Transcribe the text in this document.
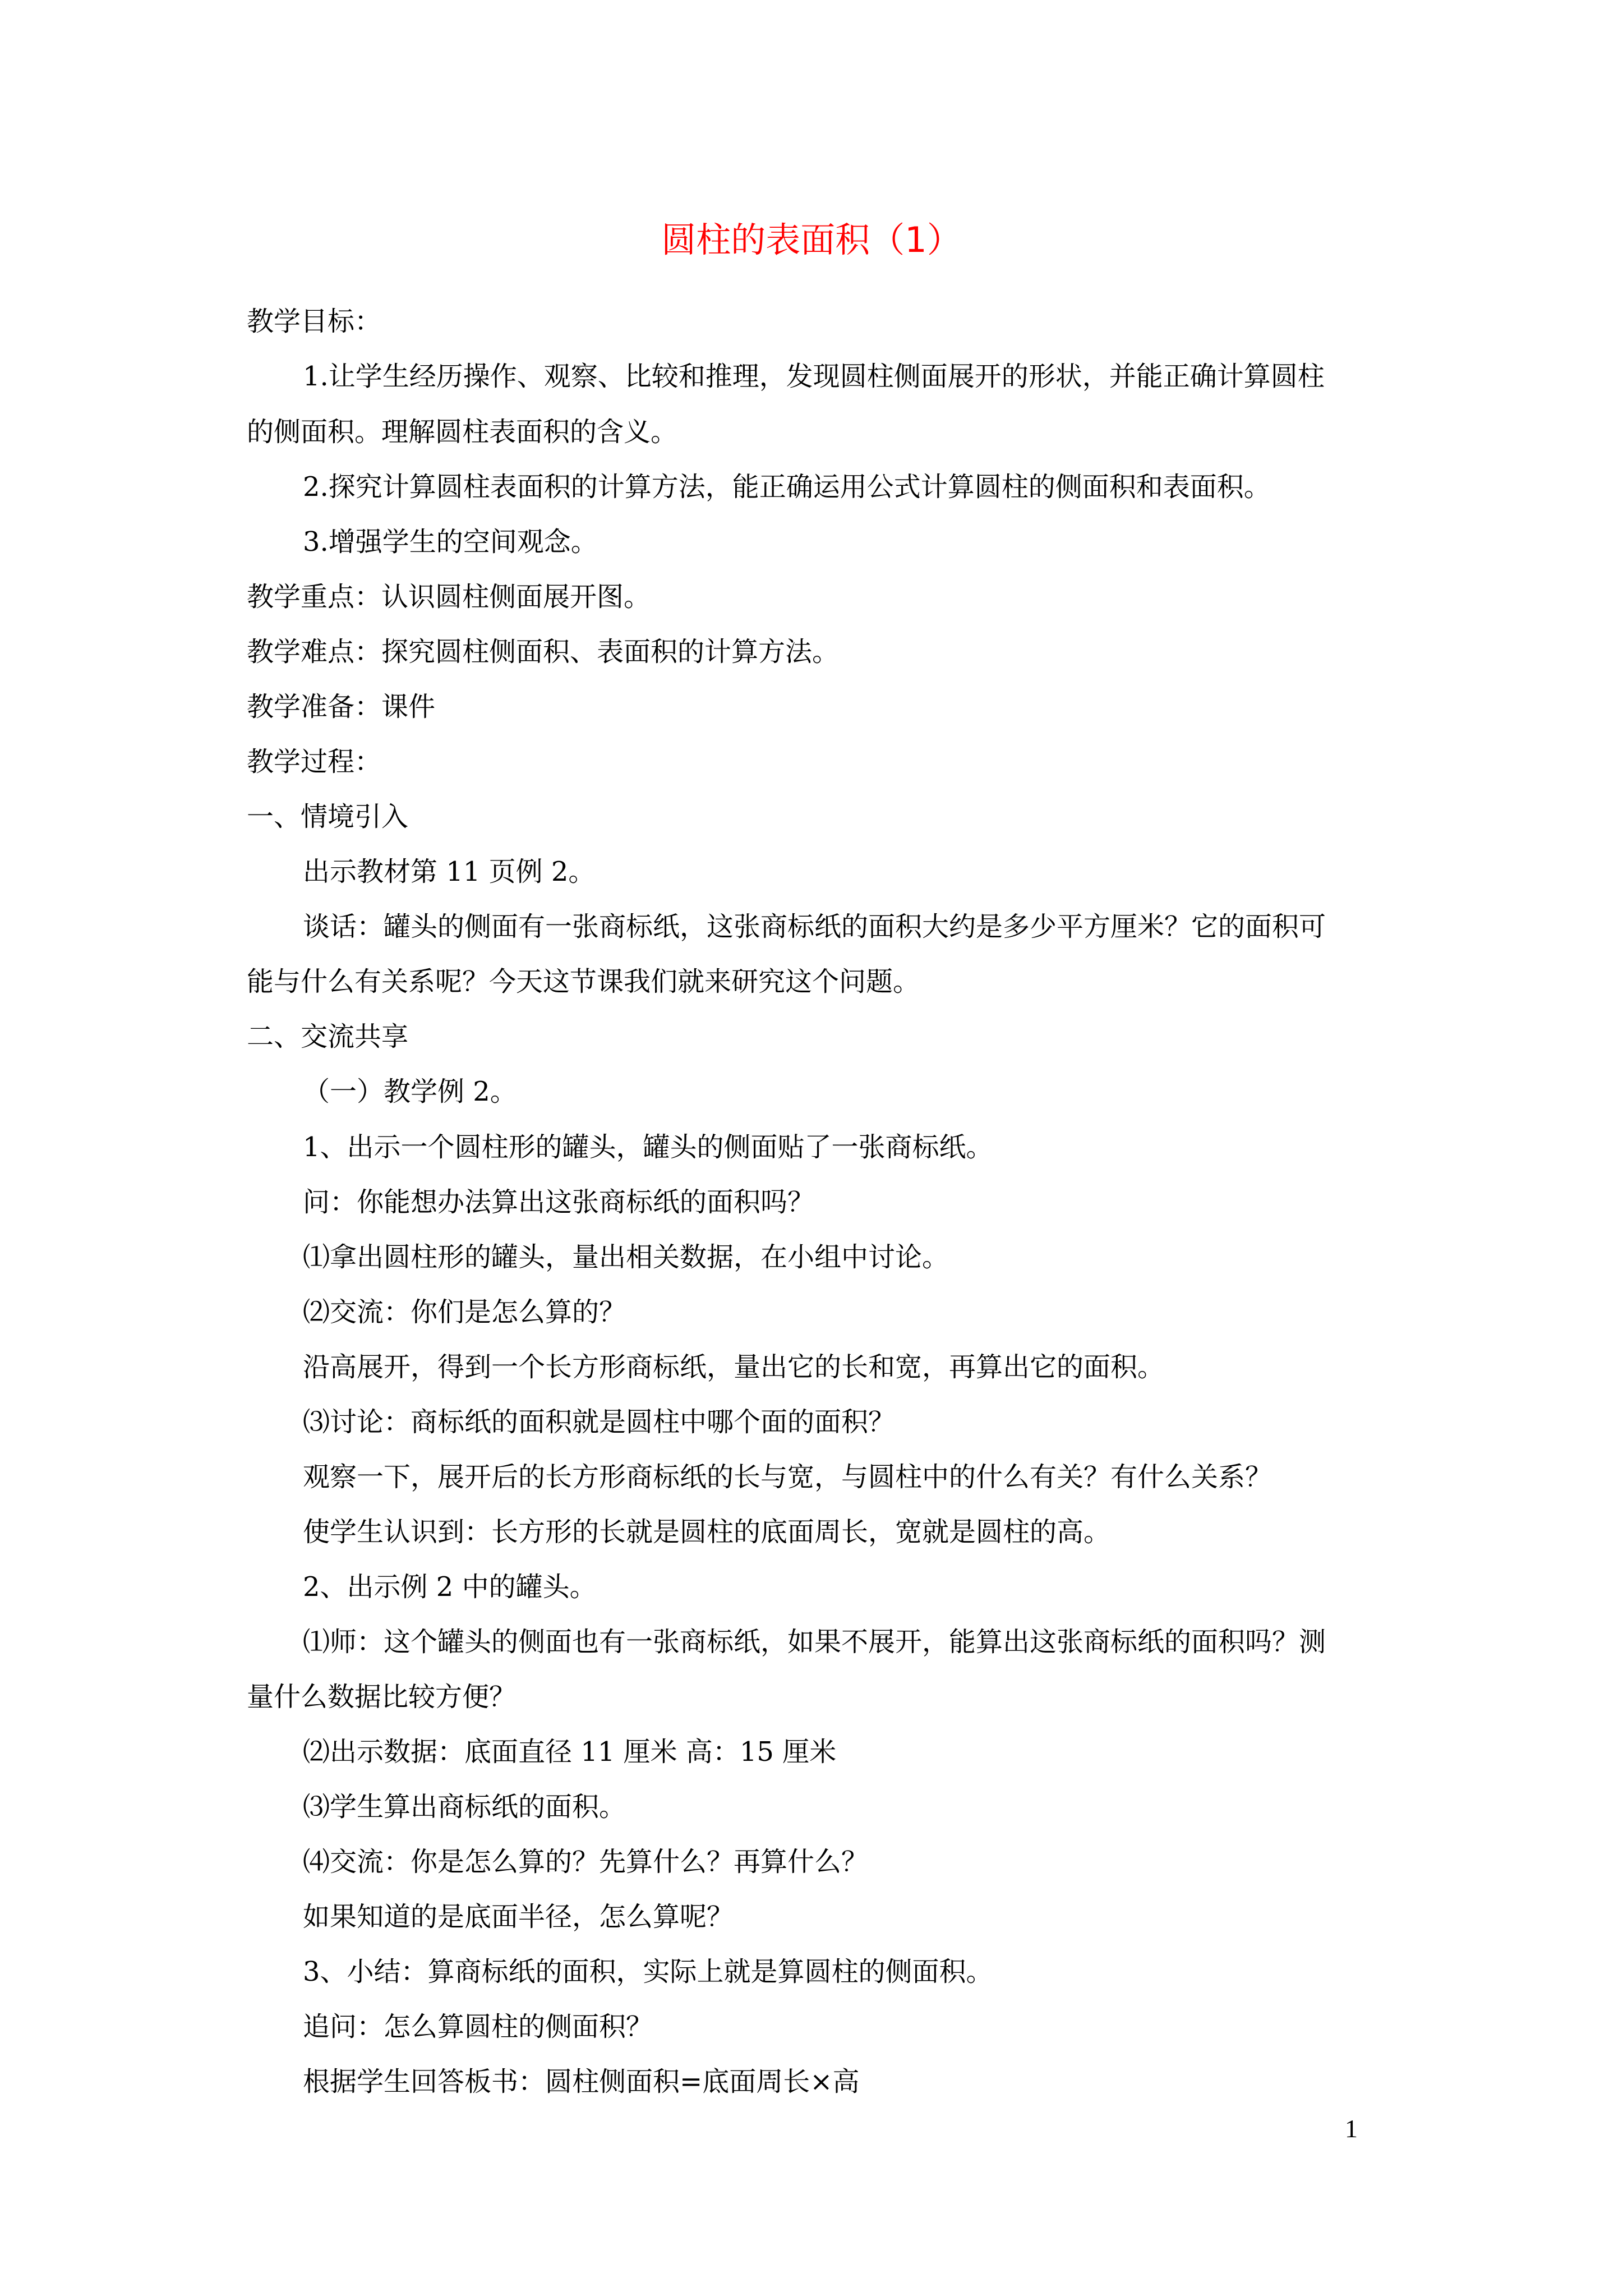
圆柱的表面积（1）
教学目标：
1.让学生经历操作、观察、比较和推理，发现圆柱侧面展开的形状，并能正确计算圆柱
的侧面积。理解圆柱表面积的含义。
2.探究计算圆柱表面积的计算方法，能正确运用公式计算圆柱的侧面积和表面积。
3.增强学生的空间观念。
教学重点：认识圆柱侧面展开图。
教学难点：探究圆柱侧面积、表面积的计算方法。
教学准备：课件
教学过程：
一、情境引入
出示教材第 11 页例 2。
谈话：罐头的侧面有一张商标纸，这张商标纸的面积大约是多少平方厘米？它的面积可
能与什么有关系呢？今天这节课我们就来研究这个问题。
二、交流共享
（一）教学例 2。
1、出示一个圆柱形的罐头，罐头的侧面贴了一张商标纸。
问：你能想办法算出这张商标纸的面积吗？
⑴拿出圆柱形的罐头，量出相关数据，在小组中讨论。
⑵交流：你们是怎么算的？
沿高展开，得到一个长方形商标纸，量出它的长和宽，再算出它的面积。
⑶讨论：商标纸的面积就是圆柱中哪个面的面积？
观察一下，展开后的长方形商标纸的长与宽，与圆柱中的什么有关？有什么关系？
使学生认识到：长方形的长就是圆柱的底面周长，宽就是圆柱的高。
2、出示例 2 中的罐头。
⑴师：这个罐头的侧面也有一张商标纸，如果不展开，能算出这张商标纸的面积吗？测
量什么数据比较方便？
⑵出示数据：底面直径 11 厘米 高：15 厘米
⑶学生算出商标纸的面积。
⑷交流：你是怎么算的？先算什么？再算什么？
如果知道的是底面半径，怎么算呢？
3、小结：算商标纸的面积，实际上就是算圆柱的侧面积。
追问：怎么算圆柱的侧面积？
根据学生回答板书：圆柱侧面积=底面周长×高
1
